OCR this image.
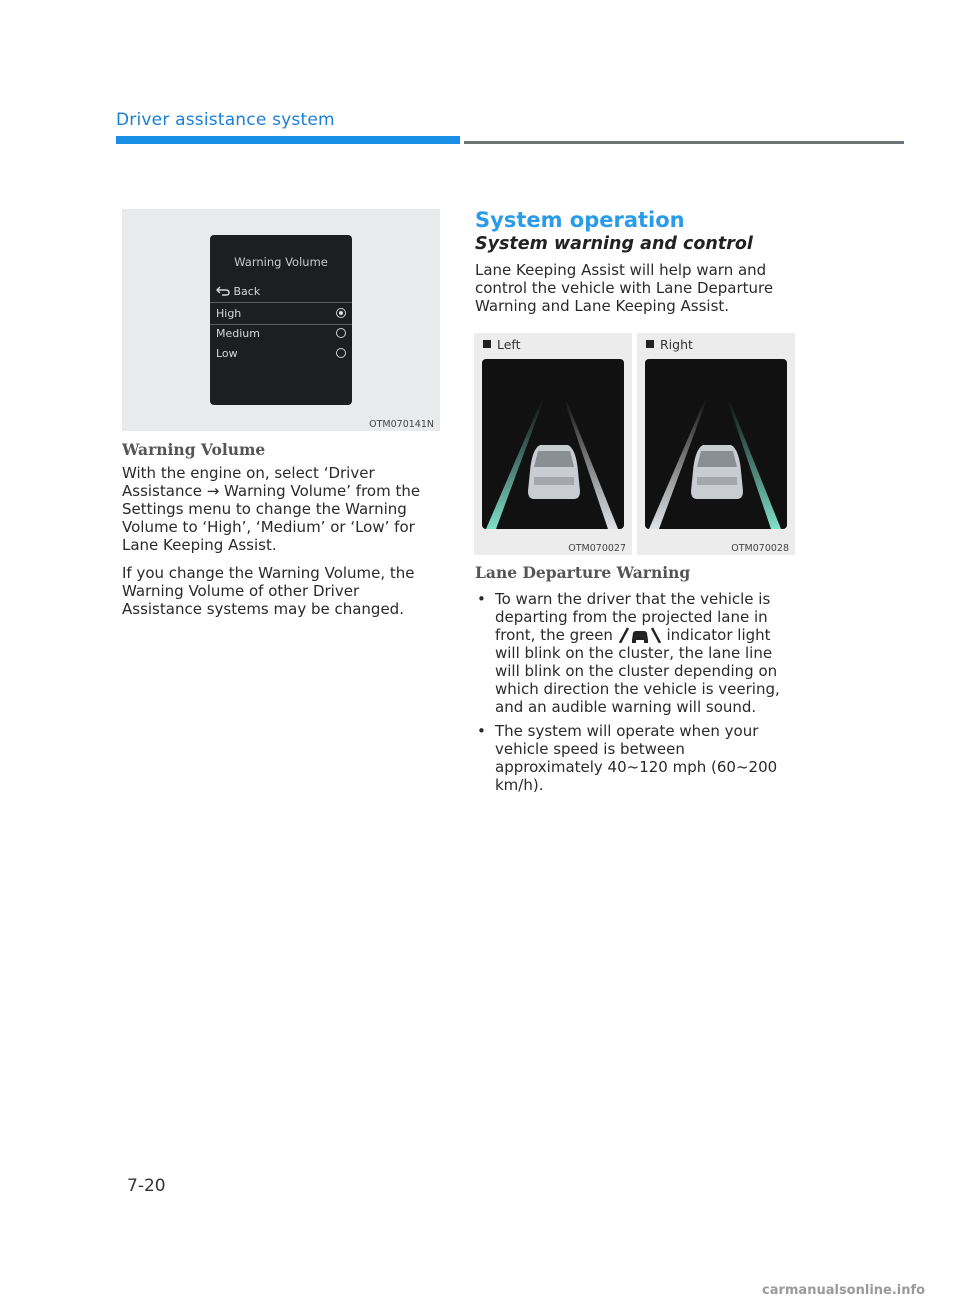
Driver assistance system
Warning Volume
Back
High
Medium
Low
OTM070141N
Warning Volume
With the engine on, select ‘Driver Assistance → Warning Volume’ from the Settings menu to change the Warning Volume to ‘High’, ‘Medium’ or ‘Low’ for Lane Keeping Assist.
If you change the Warning Volume, the Warning Volume of other Driver Assistance systems may be changed.
System operation
System warning and control
Lane Keeping Assist will help warn and control the vehicle with Lane Departure Warning and Lane Keeping Assist.
Left
OTM070027
Right
OTM070028
Lane Departure Warning
• To warn the driver that the vehicle is departing from the projected lane in front, the green	indicator light will blink on the cluster, the lane line will blink on the cluster depending on which direction the vehicle is veering, and an audible warning will sound.
• The system will operate when your vehicle speed is between approximately 40~120 mph (60~200 km/h).
7-20
carmanualsonline.info
